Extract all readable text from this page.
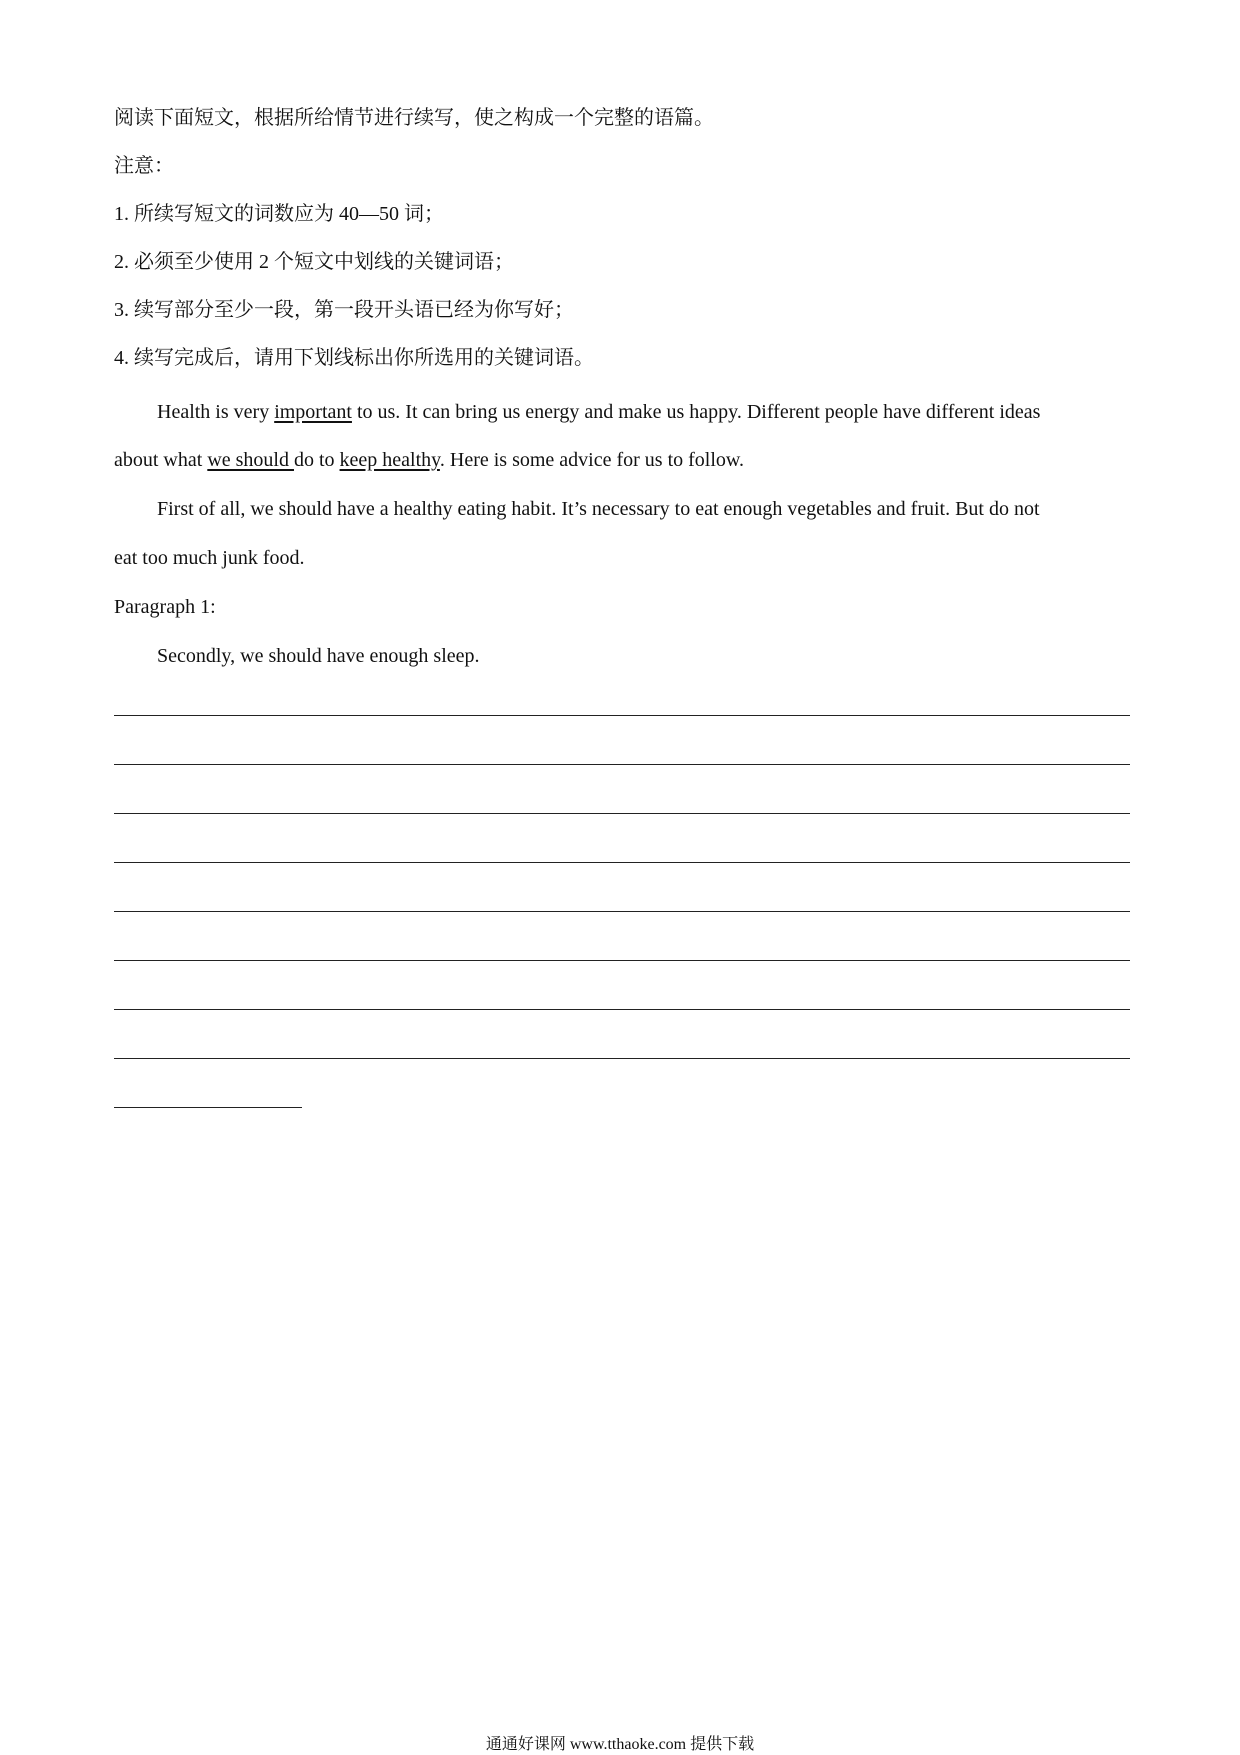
阅读下面短文，根据所给情节进行续写，使之构成一个完整的语篇。
注意：
1. 所续写短文的词数应为 40—50 词；
2. 必须至少使用 2 个短文中划线的关键词语；
3. 续写部分至少一段，第一段开头语已经为你写好；
4. 续写完成后，请用下划线标出你所选用的关键词语。
Health is very important to us. It can bring us energy and make us happy. Different people have different ideas
about what we should do to keep healthy. Here is some advice for us to follow.
First of all, we should have a healthy eating habit. It’s necessary to eat enough vegetables and fruit. But do not
eat too much junk food.
Paragraph 1:
Secondly, we should have enough sleep.
通通好课网 www.tthaoke.com 提供下载
